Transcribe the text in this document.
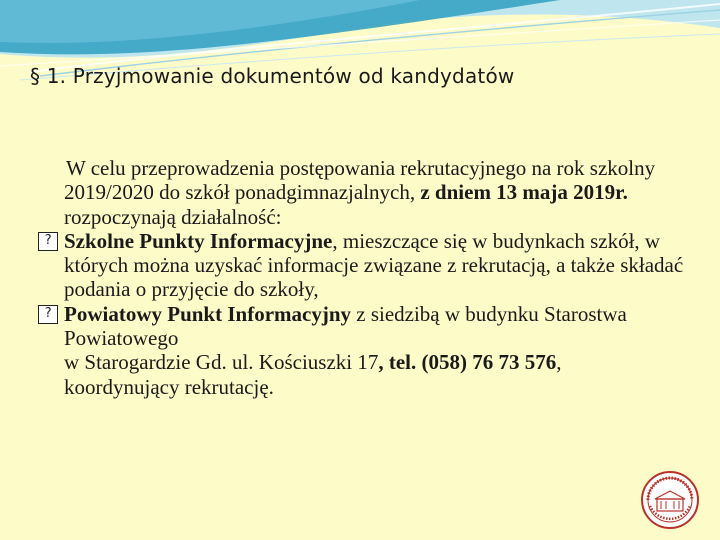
§ 1. Przyjmowanie dokumentów od kandydatów

W celu przeprowadzenia postępowania rekrutacyjnego na rok szkolny 2019/2020 do szkół ponadgimnazjalnych, z dniem 13 maja 2019r. rozpoczynają działalność:

? Szkolne Punkty Informacyjne, mieszczące się w budynkach szkół, w których można uzyskać informacje związane z rekrutacją, a także składać podania o przyjęcie do szkoły,

? Powiatowy Punkt Informacyjny z siedzibą w budynku Starostwa Powiatowego
w Starogardzie Gd. ul. Kościuszki 17, tel. (058) 76 73 576,
koordynujący rekrutację.
